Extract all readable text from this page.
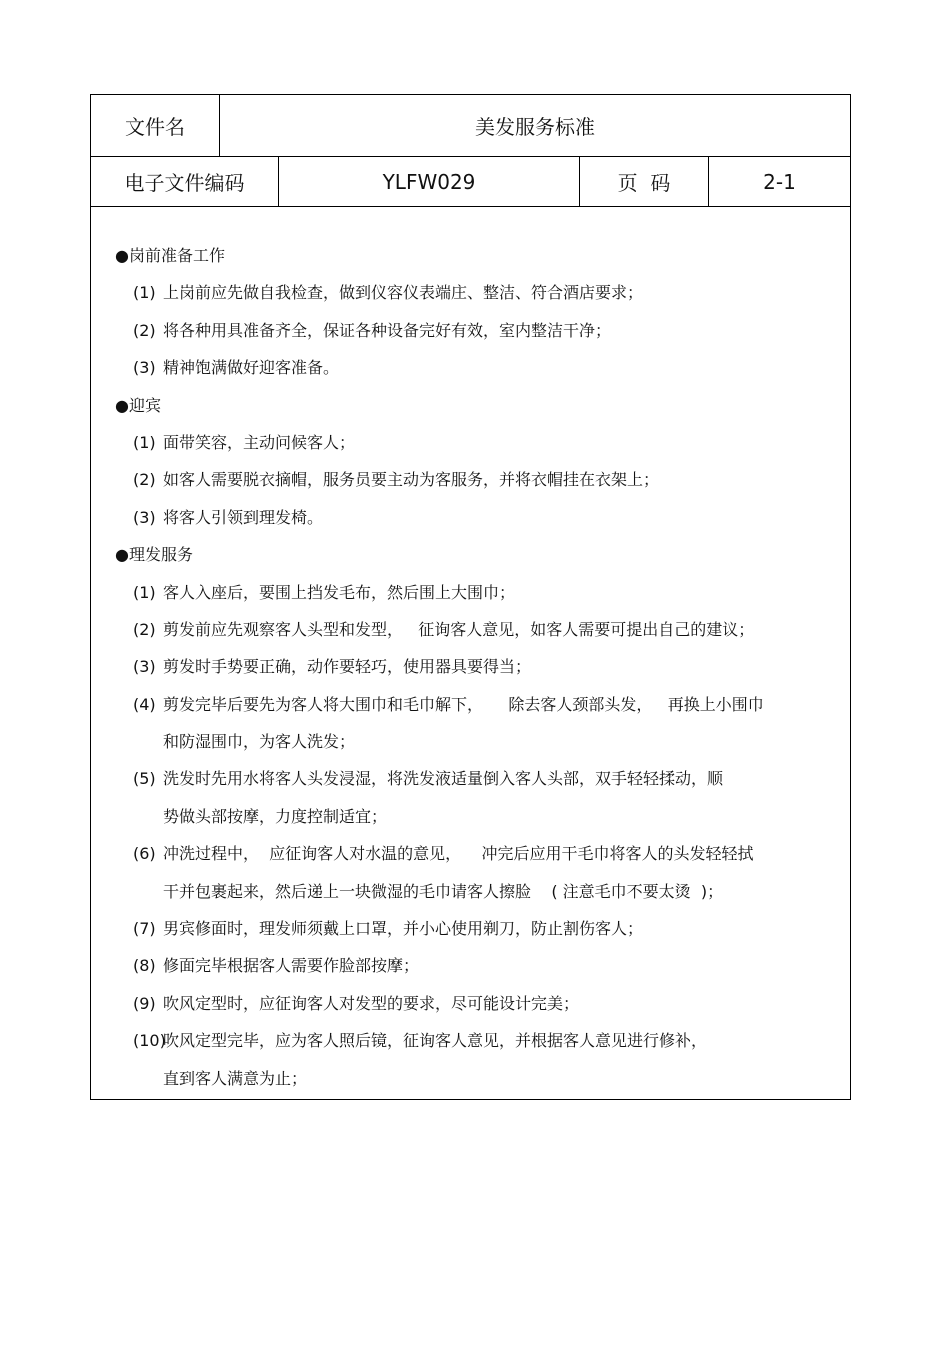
文件名	美发服务标准
电子文件编码	YLFW029	页  码	2-1
●岗前准备工作
(1) 上岗前应先做自我检查，做到仪容仪表端庄、整洁、符合酒店要求；
(2) 将各种用具准备齐全，保证各种设备完好有效，室内整洁干净；
(3) 精神饱满做好迎客准备。
●迎宾
(1) 面带笑容，主动问候客人；
(2) 如客人需要脱衣摘帽，服务员要主动为客服务，并将衣帽挂在衣架上；
(3) 将客人引领到理发椅。
●理发服务
(1) 客人入座后，要围上挡发毛布，然后围上大围巾；
(2) 剪发前应先观察客人头型和发型，   征询客人意见，如客人需要可提出自己的建议；
(3) 剪发时手势要正确，动作要轻巧，使用器具要得当；
(4) 剪发完毕后要先为客人将大围巾和毛巾解下，     除去客人颈部头发，   再换上小围巾
和防湿围巾，为客人洗发；
(5) 洗发时先用水将客人头发浸湿，将洗发液适量倒入客人头部，双手轻轻揉动，顺
势做头部按摩，力度控制适宜；
(6) 冲洗过程中，  应征询客人对水温的意见，    冲完后应用干毛巾将客人的头发轻轻拭
干并包裹起来，然后递上一块微湿的毛巾请客人擦脸    ( 注意毛巾不要太烫  )；
(7) 男宾修面时，理发师须戴上口罩，并小心使用剃刀，防止割伤客人；
(8) 修面完毕根据客人需要作脸部按摩；
(9) 吹风定型时，应征询客人对发型的要求，尽可能设计完美；
(10)
吹风定型完毕，应为客人照后镜，征询客人意见，并根据客人意见进行修补，
直到客人满意为止；
